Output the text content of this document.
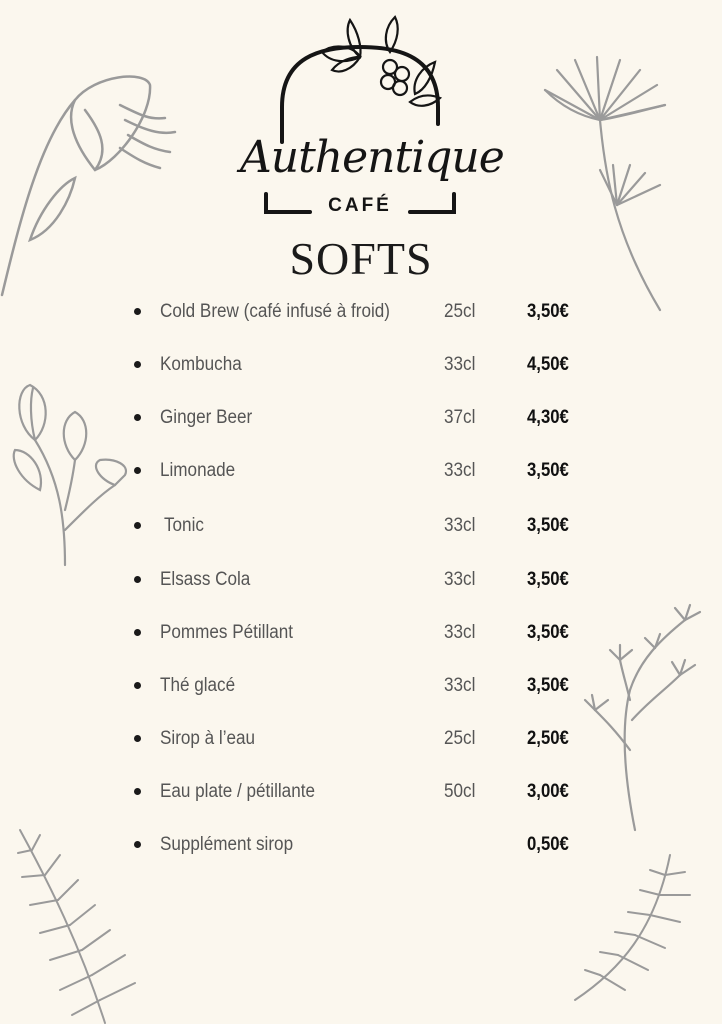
Authentique
CAFÉ
SOFTS
Cold Brew (café infusé à froid)	25cl	3,50€
Kombucha	33cl	4,50€
Ginger Beer	37cl	4,30€
Limonade	33cl	3,50€
Tonic	33cl	3,50€
Elsass Cola	33cl	3,50€
Pommes Pétillant	33cl	3,50€
Thé glacé	33cl	3,50€
Sirop à l’eau	25cl	2,50€
Eau plate / pétillante	50cl	3,00€
Supplément sirop	0,50€
